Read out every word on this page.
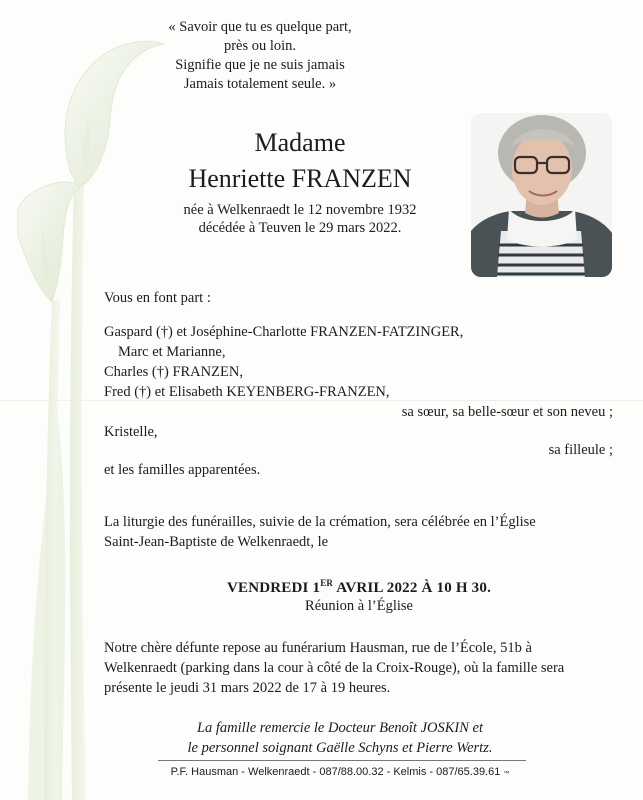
« Savoir que tu es quelque part,
près ou loin.
Signifie que je ne suis jamais
Jamais totalement seule. »
Madame
Henriette FRANZEN
née à Welkenraedt le 12 novembre 1932
décédée à Teuven le 29 mars 2022.
Vous en font part :
Gaspard (†) et Joséphine-Charlotte FRANZEN-FATZINGER,
Marc et Marianne,
Charles (†) FRANZEN,
Fred (†) et Elisabeth KEYENBERG-FRANZEN,
sa sœur, sa belle-sœur et son neveu ;
Kristelle,
sa filleule ;
et les familles apparentées.
La liturgie des funérailles, suivie de la crémation, sera célébrée en l’Église
Saint-Jean-Baptiste de Welkenraedt, le
VENDREDI 1ER AVRIL 2022 À 10 H 30.
Réunion à l’Église
Notre chère défunte repose au funérarium Hausman, rue de l’École, 51b à
Welkenraedt (parking dans la cour à côté de la Croix-Rouge), où la famille sera
présente le jeudi 31 mars 2022 de 17 à 19 heures.
La famille remercie le Docteur Benoît JOSKIN et
le personnel soignant Gaëlle Schyns et Pierre Wertz.
P.F. Hausman - Welkenraedt - 087/88.00.32 - Kelmis - 087/65.39.61 ™
